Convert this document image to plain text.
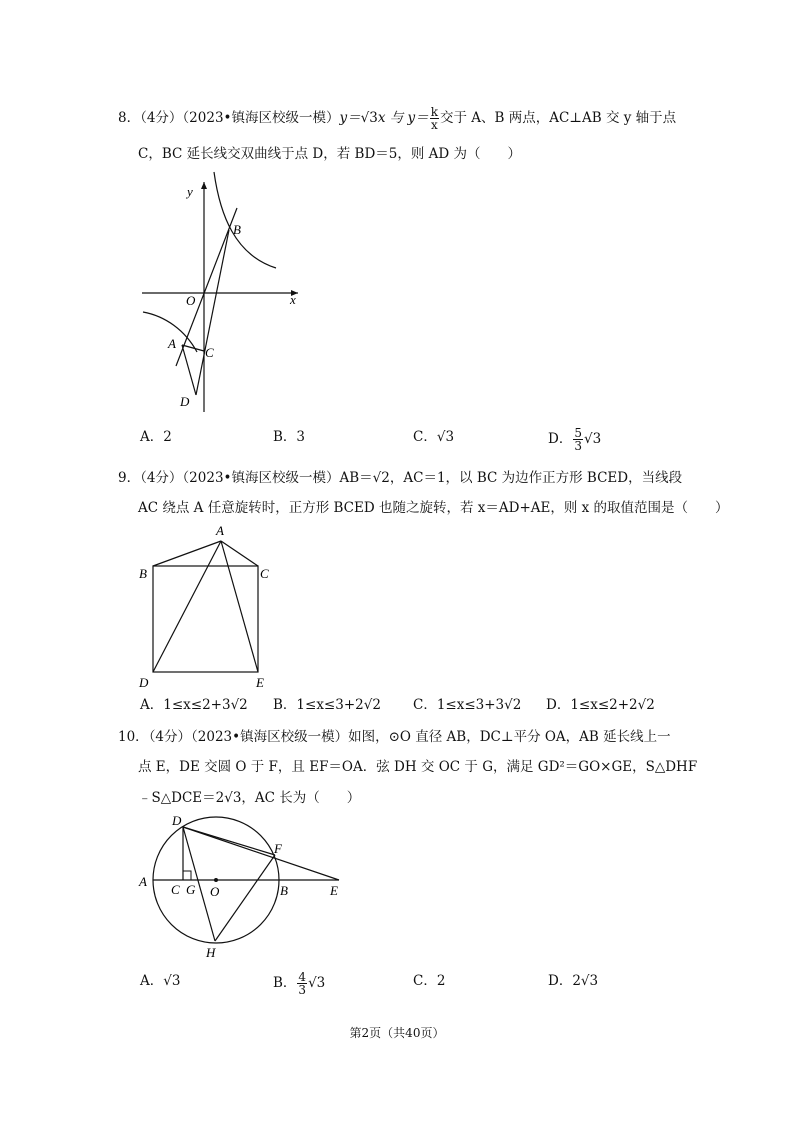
8．（4分）（2023•镇海区校级一模）y＝√3x 与 $y= \frac{k}{x}$ 交于 A、B 两点，AC⊥AB 交 y 轴于点
C，BC 延长线交双曲线于点 D，若 BD＝5，则 AD 为（　　）
y
x
O
B
A
C
D
A．2	B．3	C．√3	D． $\frac{5}{3} √3$
9．（4分）（2023•镇海区校级一模）AB＝√2，AC＝1，以 BC 为边作正方形 BCED，当线段
AC 绕点 A 任意旋转时，正方形 BCED 也随之旋转，若 x＝AD+AE，则 x 的取值范围是（　　）
A
B	C
D	E
A．1≤x≤2+3√2 B．1≤x≤3+2√2 C．1≤x≤3+3√2 D．1≤x≤2+2√2
10．（4分）（2023•镇海区校级一模）如图，⊙O 直径 AB，DC⊥平分 OA，AB 延长线上一
点 E，DE 交圆 O 于 F，且 EF＝OA．弦 DH 交 OC 于 G，满足 GD²＝GO×GE，S△DHF
﹣S△DCE＝2√3，AC 长为（　　）
D
F
A
C G O	B	E
H
A．√3	B． $\frac{4}{3} √3$	C．2	D．2√3
第2页（共40页）
